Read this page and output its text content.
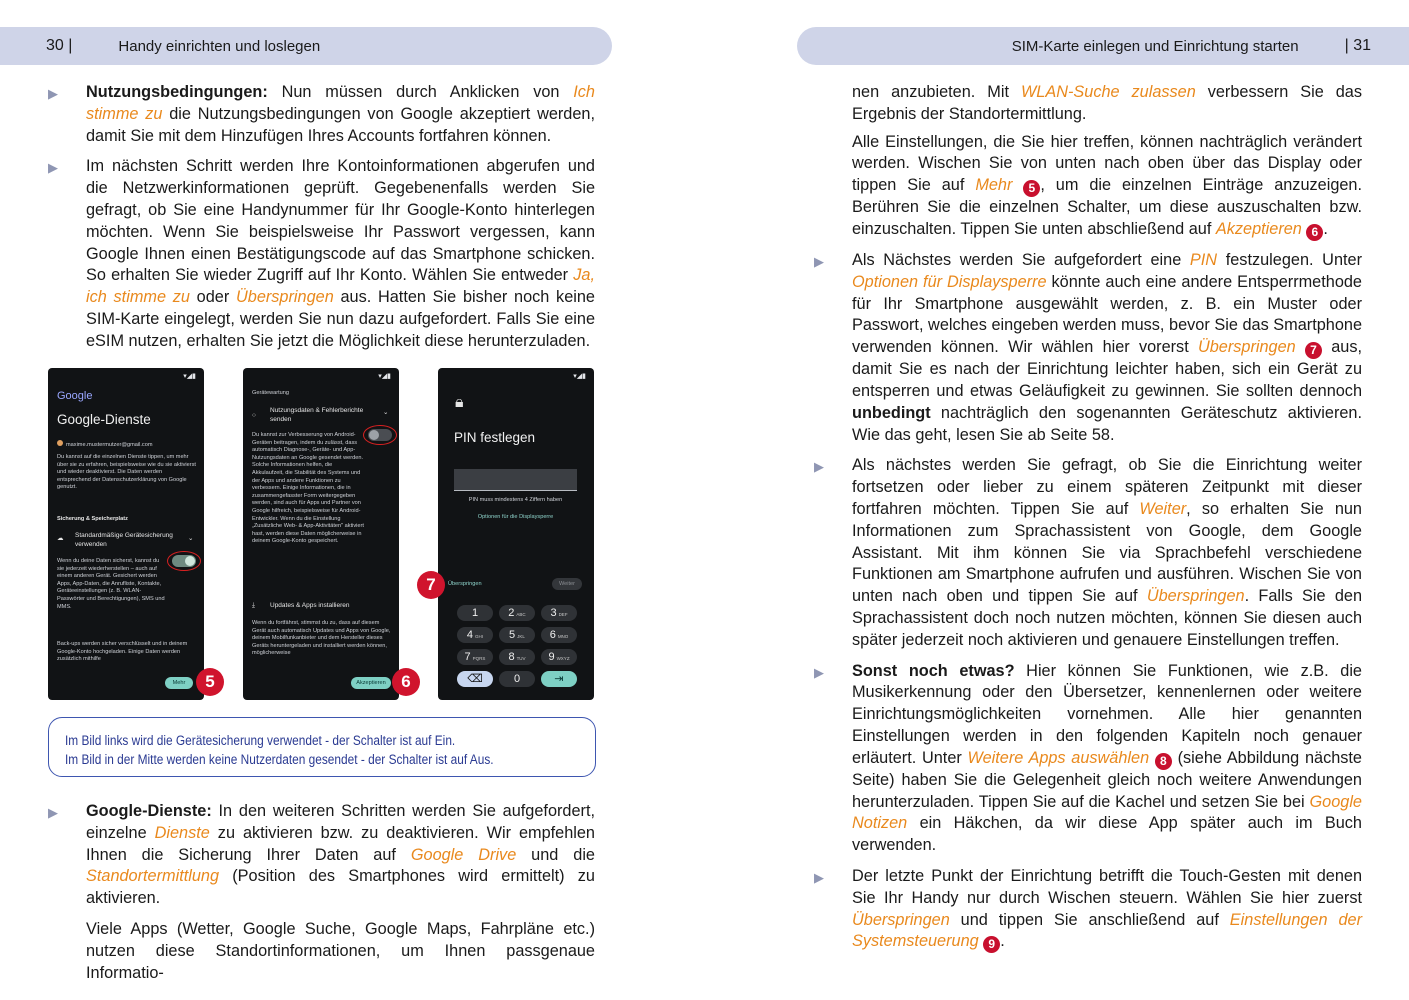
30 |	Handy einrichten und loslegen	SIM-Karte einlegen und Einrichtung starten	| 31

▶ Nutzungsbedingungen: Nun müssen durch Anklicken von Ich stimme zu die Nutzungsbedingungen von Google akzeptiert werden, damit Sie mit dem Hinzufügen Ihres Accounts fortfahren können.

▶ Im nächsten Schritt werden Ihre Kontoinformationen abgerufen und die Netzwerkinformationen geprüft. Gegebenenfalls werden Sie gefragt, ob Sie eine Handynummer für Ihr Google-Konto hinterlegen möchten. Wenn Sie beispielsweise Ihr Passwort vergessen, kann Google Ihnen einen Bestätigungscode auf das Smartphone schicken. So erhalten Sie wieder Zugriff auf Ihr Konto. Wählen Sie entweder Ja, ich stimme zu oder Überspringen aus. Hatten Sie bisher noch keine SIM-Karte eingelegt, werden Sie nun dazu aufgefordert. Falls Sie eine eSIM nutzen, erhalten Sie jetzt die Möglichkeit diese herunterzuladen.

▾◢▮
Google
Google-Dienste
maxime.mustermutzer@gmail.com
Du kannst auf die einzelnen Dienste tippen, um mehr über sie zu erfahren, beispielsweise wie du sie aktivierst und wieder deaktivierst. Die Daten werden entsprechend der Datenschutzerklärung von Google genutzt.
Sicherung & Speicherplatz
Standardmäßige Gerätesicherung verwenden
☁	⌄
Wenn du deine Daten sicherst, kannst du sie jederzeit wiederherstellen – auch auf einem anderen Gerät. Gesichert werden Apps, App-Daten, die Anrufliste, Kontakte, Geräteeinstellungen (z. B. WLAN-Passwörter und Berechtigungen), SMS und MMS.
Back-ups werden sicher verschlüsselt und in deinem Google-Konto hochgeladen. Einige Daten werden zusätzlich mithilfe
Mehr	5
▾◢▮
Gerätewartung
Nutzungsdaten & Fehlerberichte senden
○	⌄
Du kannst zur Verbesserung von Android-Geräten beitragen, indem du zulässt, dass automatisch Diagnose-, Geräte- und App-Nutzungsdaten an Google gesendet werden. Solche Informationen helfen, die Akkulaufzeit, die Stabilität des Systems und der Apps und andere Funktionen zu verbessern. Einige Informationen, die in zusammengefasster Form weitergegeben werden, sind auch für Apps und Partner von Google hilfreich, beispielsweise für Android-Entwickler. Wenn du die Einstellung „Zusätzliche Web- & App-Aktivitäten" aktiviert hast, werden diese Daten möglicherweise in deinem Google-Konto gespeichert.
⤓ Updates & Apps installieren
Wenn du fortfährst, stimmst du zu, dass auf diesem Gerät auch automatisch Updates und Apps von Google, deinem Mobilfunkanbieter und dem Hersteller dieses Geräts heruntergeladen und installiert werden können, möglicherweise
Akzeptieren 6
▾◢▮
🔒︎
PIN festlegen
PIN muss mindestens 4 Ziffern haben
Optionen für die Displaysperre
Überspringen	Weiter
1	2 ABC	3 DEF
4 GHI	5 JKL	6 MNO
7 PQRS	8 TUV	9 WXYZ
⌫	0	⇥
7
Im Bild links wird die Gerätesicherung verwendet - der Schalter ist auf Ein.
Im Bild in der Mitte werden keine Nutzerdaten gesendet - der Schalter ist auf Aus.

▶ Google-Dienste: In den weiteren Schritten werden Sie aufgefordert, einzelne Dienste zu aktivieren bzw. zu deaktivieren. Wir empfehlen Ihnen die Sicherung Ihrer Daten auf Google Drive und die Standortermittlung (Position des Smartphones wird ermittelt) zu aktivieren.

Viele Apps (Wetter, Google Suche, Google Maps, Fahrpläne etc.) nutzen diese Standortinformationen, um Ihnen passgenaue Informatio-

nen anzubieten. Mit WLAN-Suche zulassen verbessern Sie das Ergebnis der Standortermittlung.

Alle Einstellungen, die Sie hier treffen, können nachträglich verändert werden. Wischen Sie von unten nach oben über das Display oder tippen Sie auf Mehr 5 , um die einzelnen Einträge anzuzeigen. Berühren Sie die einzelnen Schalter, um diese auszuschalten bzw. einzuschalten. Tippen Sie unten abschließend auf Akzeptieren 6 .

▶ Als Nächstes werden Sie aufgefordert eine PIN festzulegen. Unter Optionen für Displaysperre könnte auch eine andere Entsperrmethode für Ihr Smartphone ausgewählt werden, z. B. ein Muster oder Passwort, welches eingeben werden muss, bevor Sie das Smartphone verwenden können. Wir wählen hier vorerst Überspringen 7 aus, damit Sie es nach der Einrichtung leichter haben, sich ein Gerät zu entsperren und etwas Geläufigkeit zu gewinnen. Sie sollten dennoch unbedingt nachträglich den sogenannten Geräteschutz aktivieren. Wie das geht, lesen Sie ab Seite 58.

▶ Als nächstes werden Sie gefragt, ob Sie die Einrichtung weiter fortsetzen oder lieber zu einem späteren Zeitpunkt mit dieser fortfahren möchten. Tippen Sie auf Weiter, so erhalten Sie nun Informationen zum Sprachassistent von Google, dem Google Assistant. Mit ihm können Sie via Sprachbefehl verschiedene Funktionen am Smartphone aufrufen und ausführen. Wischen Sie von unten nach oben und tippen Sie auf Überspringen. Falls Sie den Sprachassistent doch noch nutzen möchten, können Sie diesen auch später jederzeit noch aktivieren und genauere Einstellungen treffen.

▶ Sonst noch etwas? Hier können Sie Funktionen, wie z.B. die Musikerkennung oder den Übersetzer, kennenlernen oder weitere Einrichtungsmöglichkeiten vornehmen. Alle hier genannten Einstellungen werden in den folgenden Kapiteln noch genauer erläutert. Unter Weitere Apps auswählen 8 (siehe Abbildung nächste Seite) haben Sie die Gelegenheit gleich noch weitere Anwendungen herunterzuladen. Tippen Sie auf die Kachel und setzen Sie bei Google Notizen ein Häkchen, da wir diese App später auch im Buch verwenden.

▶ Der letzte Punkt der Einrichtung betrifft die Touch-Gesten mit denen Sie Ihr Handy nur durch Wischen steuern. Wählen Sie hier zuerst Überspringen und tippen Sie anschließend auf Einstellungen der Systemsteuerung 9 .
